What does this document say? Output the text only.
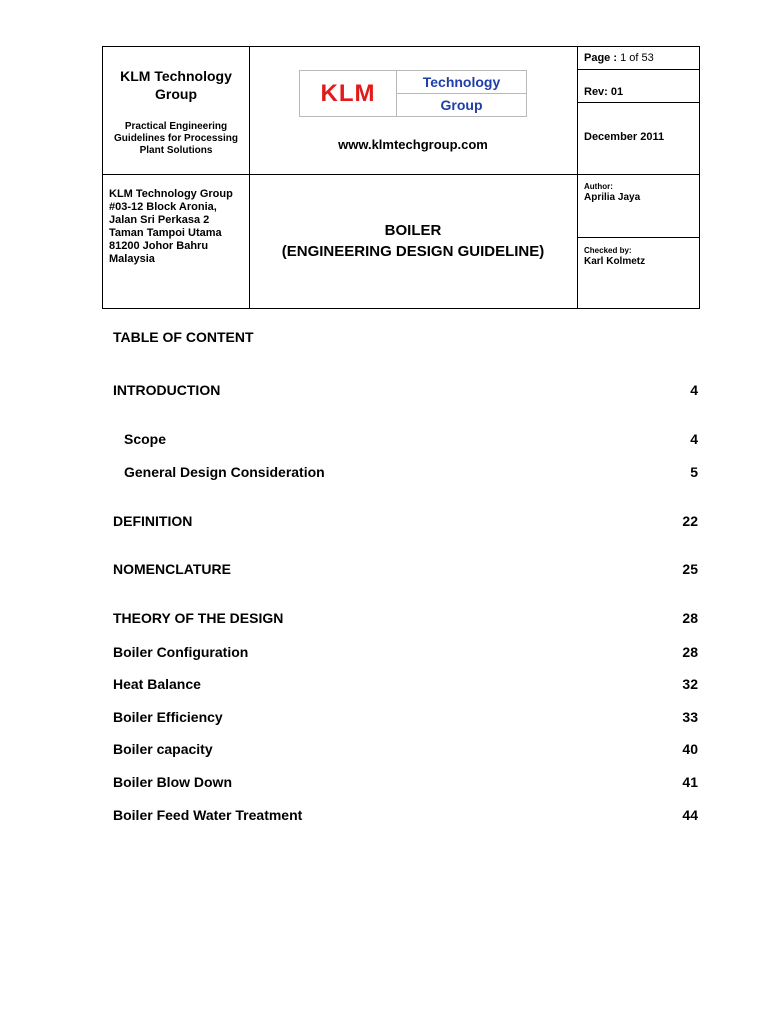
KLM Technology
Group
Practical Engineering
Guidelines for Processing
Plant Solutions
KLM	Technology
Group
www.klmtechgroup.com
Page : 1 of 53
Rev: 01
December 2011
KLM Technology Group
#03-12 Block Aronia,
Jalan Sri Perkasa 2
Taman Tampoi Utama
81200 Johor Bahru
Malaysia
BOILER
(ENGINEERING DESIGN GUIDELINE)
Author:
Aprilia Jaya
Checked by:
Karl Kolmetz
TABLE OF CONTENT
INTRODUCTION	4
Scope	4
General Design Consideration	5
DEFINITION	22
NOMENCLATURE	25
THEORY OF THE DESIGN	28
Boiler Configuration	28
Heat Balance	32
Boiler Efficiency	33
Boiler capacity	40
Boiler Blow Down	41
Boiler Feed Water Treatment	44
